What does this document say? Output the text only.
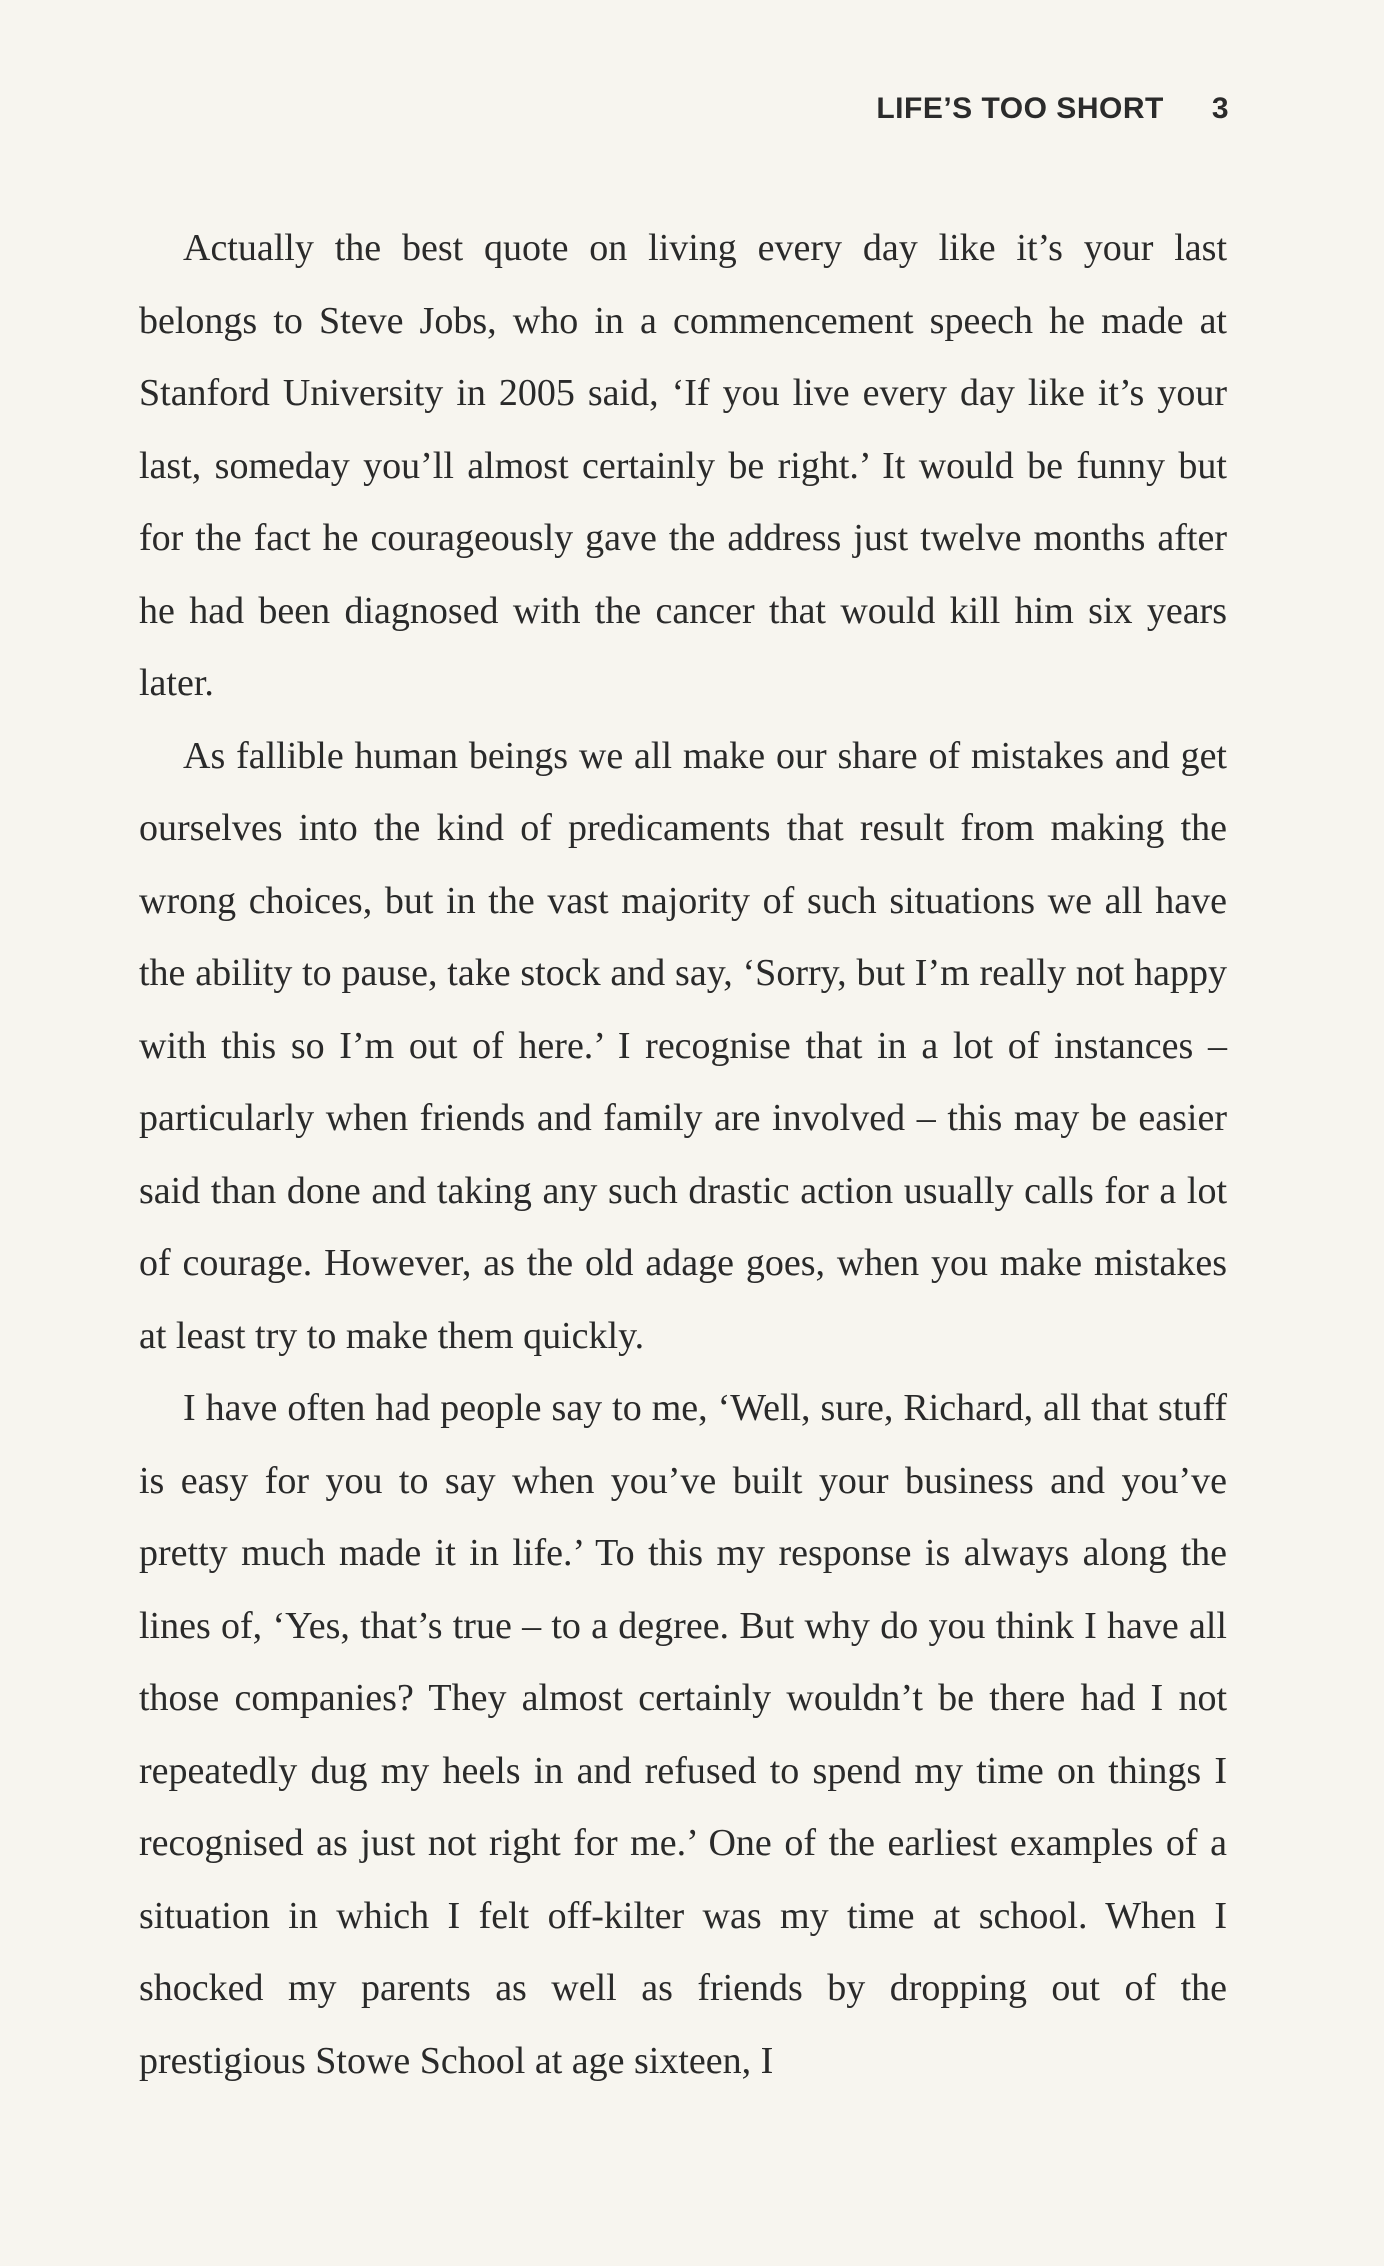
LIFE’S TOO SHORT 3

Actually the best quote on living every day like it’s your last belongs to Steve Jobs, who in a commencement speech he made at Stanford University in 2005 said, ‘If you live every day like it’s your last, someday you’ll almost certainly be right.’ It would be funny but for the fact he courageously gave the address just twelve months after he had been diagnosed with the cancer that would kill him six years later.

As fallible human beings we all make our share of mistakes and get ourselves into the kind of predicaments that result from making the wrong choices, but in the vast majority of such situations we all have the ability to pause, take stock and say, ‘Sorry, but I’m really not happy with this so I’m out of here.’ I recognise that in a lot of instances – particularly when friends and family are involved – this may be easier said than done and taking any such drastic action usually calls for a lot of courage. However, as the old adage goes, when you make mistakes at least try to make them quickly.

I have often had people say to me, ‘Well, sure, Richard, all that stuff is easy for you to say when you’ve built your business and you’ve pretty much made it in life.’ To this my response is always along the lines of, ‘Yes, that’s true – to a degree. But why do you think I have all those companies? They almost certainly wouldn’t be there had I not repeatedly dug my heels in and refused to spend my time on things I recognised as just not right for me.’ One of the earliest examples of a situation in which I felt off-kilter was my time at school. When I shocked my parents as well as friends by dropping out of the prestigious Stowe School at age sixteen, I
